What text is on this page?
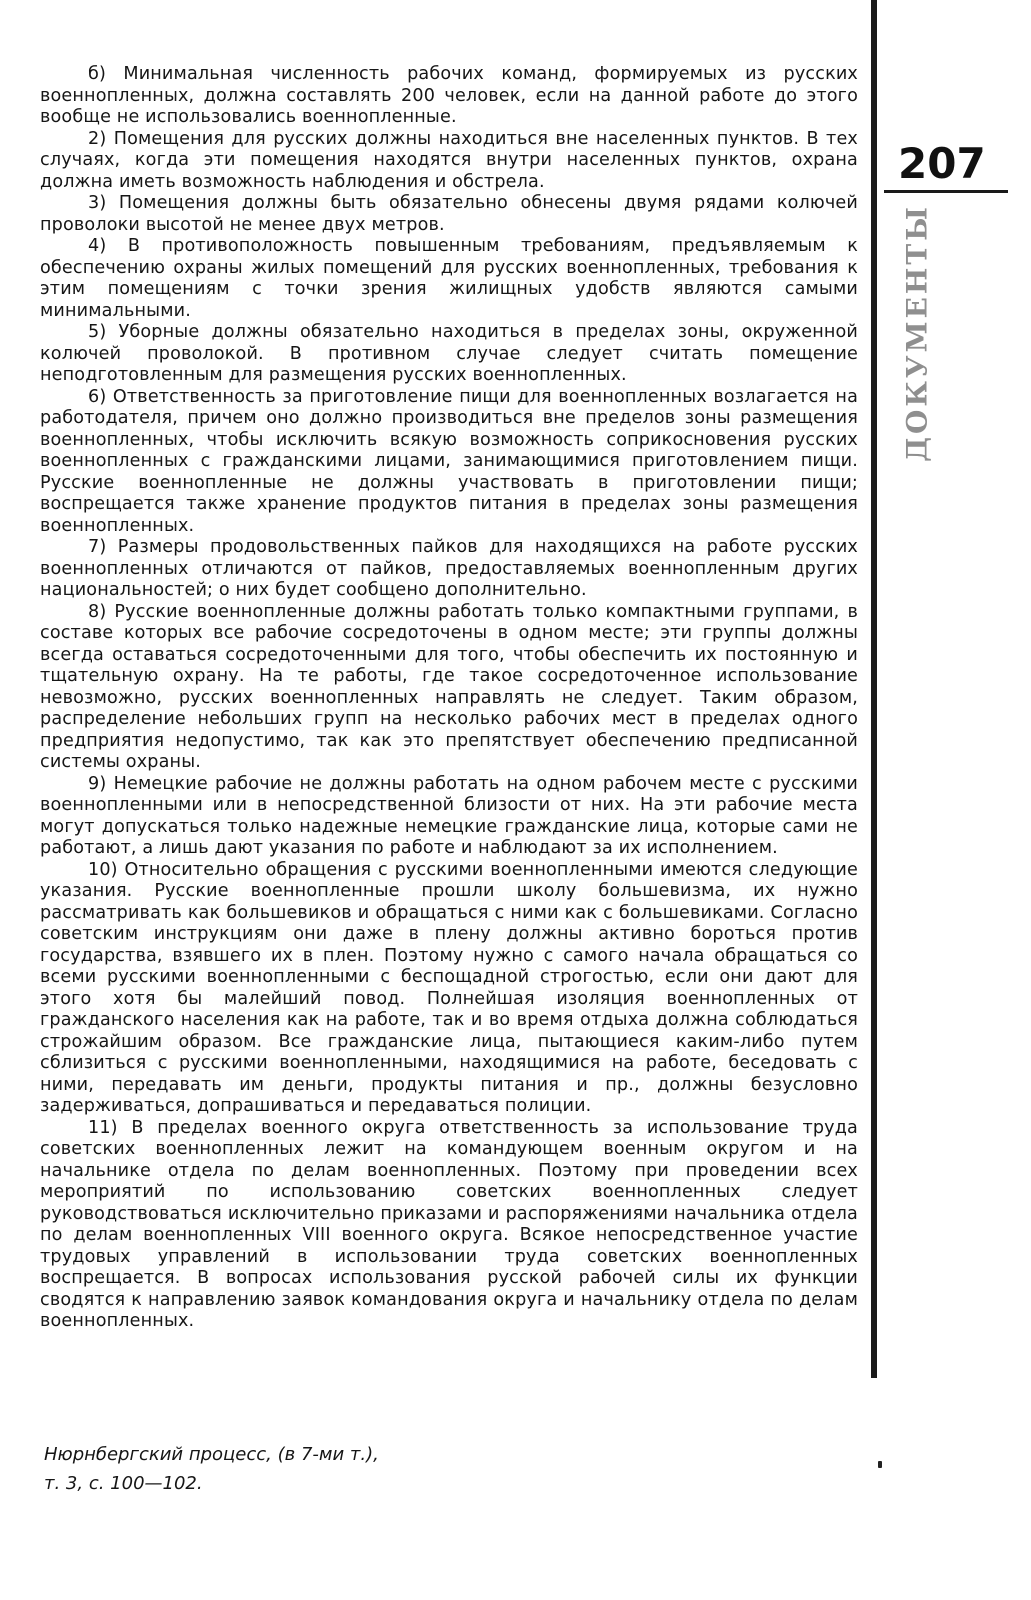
б) Минимальная численность рабочих команд, формируемых из русских военнопленных, должна составлять 200 человек, если на данной работе до этого вообще не использовались военнопленные.

2) Помещения для русских должны находиться вне населенных пунктов. В тех случаях, когда эти помещения находятся внутри населенных пунктов, охрана должна иметь возможность наблюдения и обстрела.

3) Помещения должны быть обязательно обнесены двумя рядами колючей проволоки высотой не менее двух метров.

4) В противоположность повышенным требованиям, предъявляемым к обеспечению охраны жилых помещений для русских военнопленных, требования к этим помещениям с точки зрения жилищных удобств являются самыми минимальными.

5) Уборные должны обязательно находиться в пределах зоны, окруженной колючей проволокой. В противном случае следует считать помещение неподготовленным для размещения русских военнопленных.

6) Ответственность за приготовление пищи для военнопленных возлагается на работодателя, причем оно должно производиться вне пределов зоны размещения военнопленных, чтобы исключить всякую возможность соприкосновения русских военнопленных с гражданскими лицами, занимающимися приготовлением пищи. Русские военнопленные не должны участвовать в приготовлении пищи; воспрещается также хранение продуктов питания в пределах зоны размещения военнопленных.

7) Размеры продовольственных пайков для находящихся на работе русских военнопленных отличаются от пайков, предоставляемых военнопленным других национальностей; о них будет сообщено дополнительно.

8) Русские военнопленные должны работать только компактными группами, в составе которых все рабочие сосредоточены в одном месте; эти группы должны всегда оставаться сосредоточенными для того, чтобы обеспечить их постоянную и тщательную охрану. На те работы, где такое сосредоточенное использование невозможно, русских военнопленных направлять не следует. Таким образом, распределение небольших групп на несколько рабочих мест в пределах одного предприятия недопустимо, так как это препятствует обеспечению предписанной системы охраны.

9) Немецкие рабочие не должны работать на одном рабочем месте с русскими военнопленными или в непосредственной близости от них. На эти рабочие места могут допускаться только надежные немецкие гражданские лица, которые сами не работают, а лишь дают указания по работе и наблюдают за их исполнением.

10) Относительно обращения с русскими военнопленными имеются следующие указания. Русские военнопленные прошли школу большевизма, их нужно рассматривать как большевиков и обращаться с ними как с большевиками. Согласно советским инструкциям они даже в плену должны активно бороться против государства, взявшего их в плен. Поэтому нужно с самого начала обращаться со всеми русскими военнопленными с беспощадной строгостью, если они дают для этого хотя бы малейший повод. Полнейшая изоляция военнопленных от гражданского населения как на работе, так и во время отдыха должна соблюдаться строжайшим образом. Все гражданские лица, пытающиеся каким-либо путем сблизиться с русскими военнопленными, находящимися на работе, беседовать с ними, передавать им деньги, продукты питания и пр., должны безусловно задерживаться, допрашиваться и передаваться полиции.

11) В пределах военного округа ответственность за использование труда советских военнопленных лежит на командующем военным округом и на начальнике отдела по делам военнопленных. Поэтому при проведении всех мероприятий по использованию советских военнопленных следует руководствоваться исключительно приказами и распоряжениями начальника отдела по делам военнопленных VIII военного округа. Всякое непосредственное участие трудовых управлений в использовании труда советских военнопленных воспрещается. В вопросах использования русской рабочей силы их функции сводятся к направлению заявок командования округа и начальнику отдела по делам военнопленных.

207
ДОКУМЕНТЫ
Нюрнбергский процесс, (в 7-ми т.),
т. 3, с. 100—102.
